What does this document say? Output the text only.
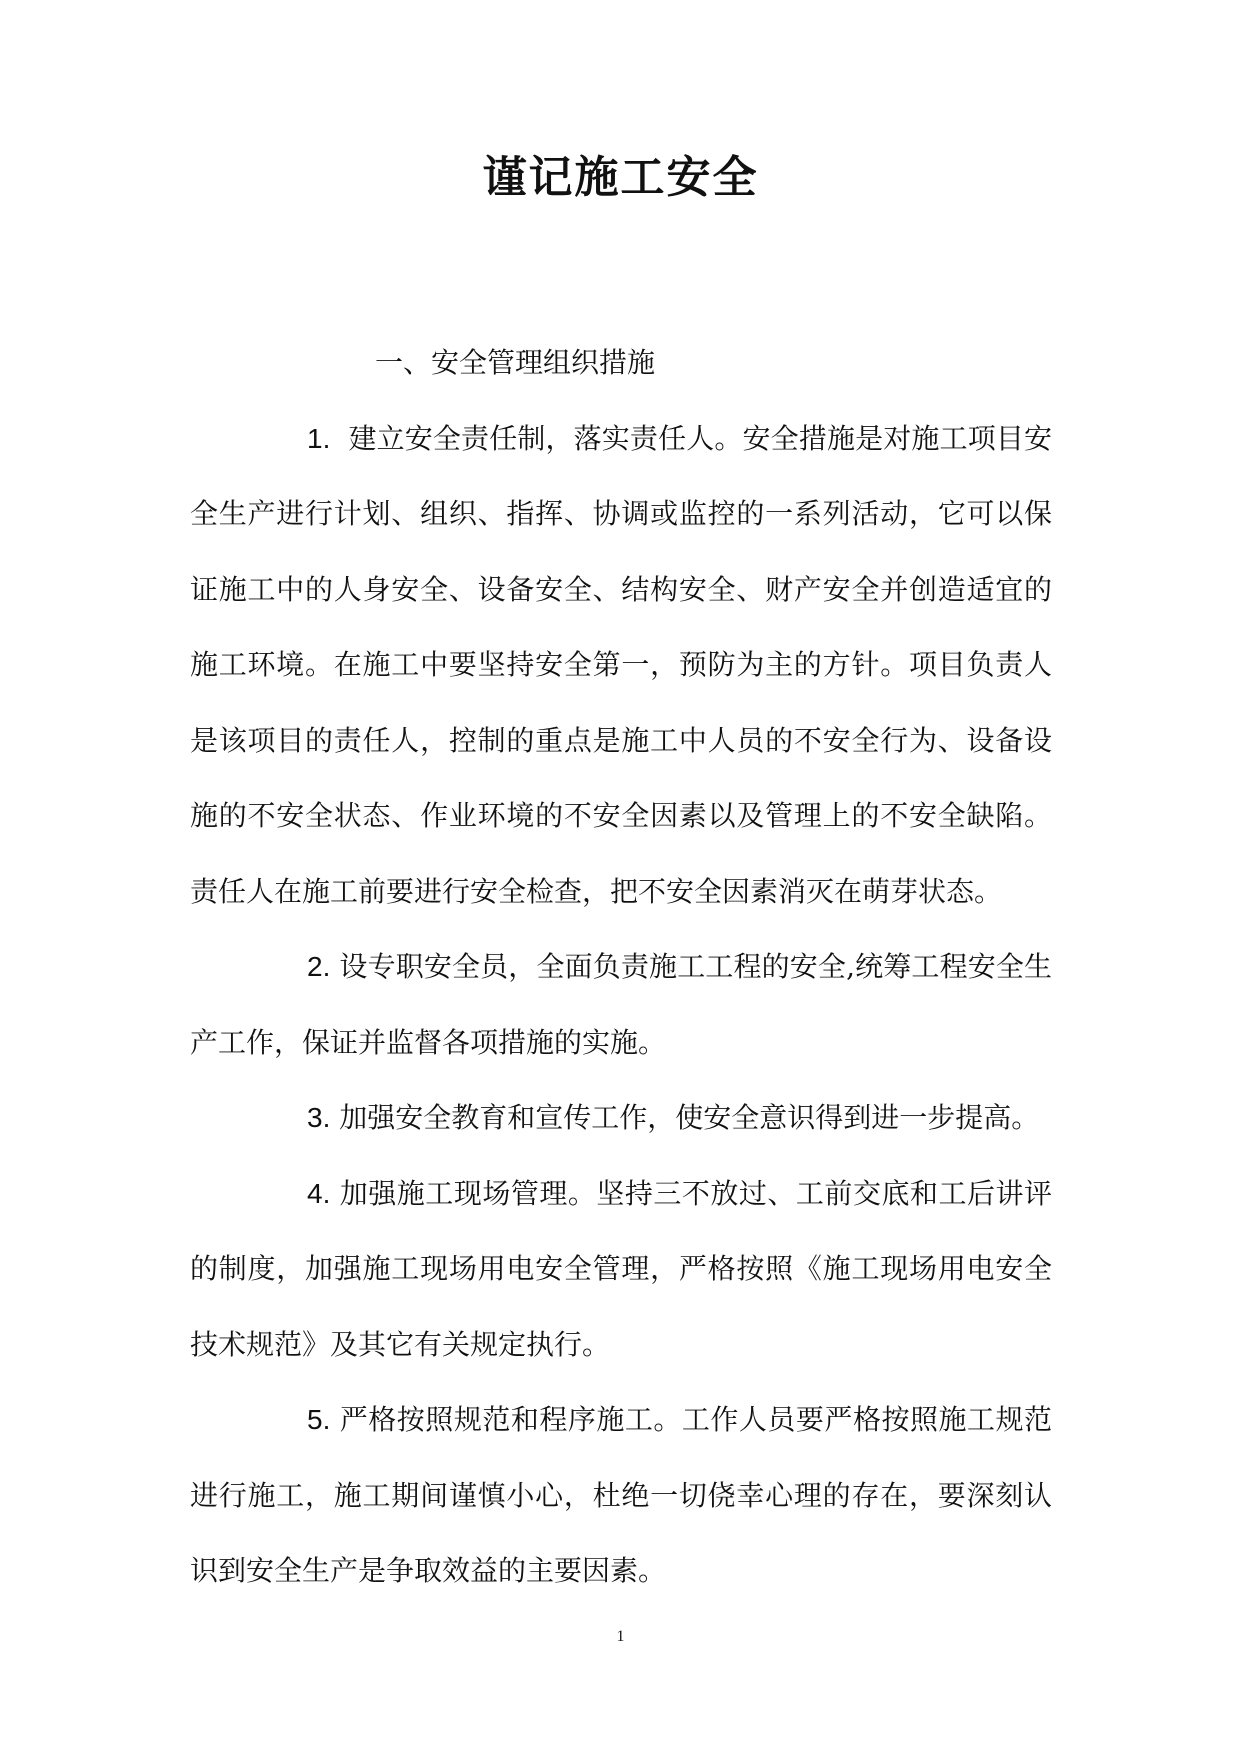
谨记施工安全

一、安全管理组织措施

1. 建立安全责任制，落实责任人。安全措施是对施工项目安全生产进行计划、组织、指挥、协调或监控的一系列活动，它可以保证施工中的人身安全、设备安全、结构安全、财产安全并创造适宜的施工环境。在施工中要坚持安全第一，预防为主的方针。项目负责人是该项目的责任人，控制的重点是施工中人员的不安全行为、设备设施的不安全状态、作业环境的不安全因素以及管理上的不安全缺陷。责任人在施工前要进行安全检查，把不安全因素消灭在萌芽状态。

2. 设专职安全员，全面负责施工工程的安全,统筹工程安全生产工作，保证并监督各项措施的实施。

3. 加强安全教育和宣传工作，使安全意识得到进一步提高。

4. 加强施工现场管理。坚持三不放过、工前交底和工后讲评的制度，加强施工现场用电安全管理，严格按照《施工现场用电安全技术规范》及其它有关规定执行。

5. 严格按照规范和程序施工。工作人员要严格按照施工规范进行施工，施工期间谨慎小心，杜绝一切侥幸心理的存在，要深刻认识到安全生产是争取效益的主要因素。

1
